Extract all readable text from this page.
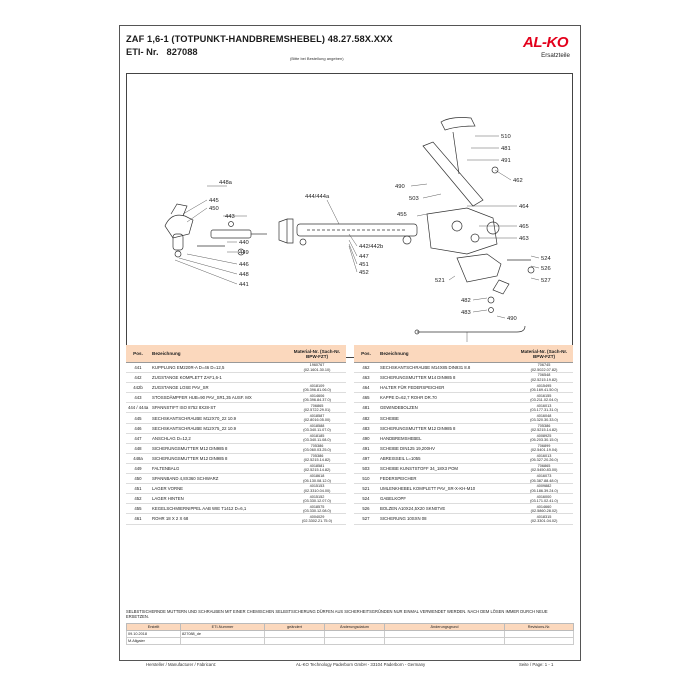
ZAF 1,6-1 (TOTPUNKT-HANDBREMSHEBEL) 48.27.58X.XXX
ETI- Nr. 827088
(Bitte bei Bestellung angeben)
AL-KO
Ersatzteile
510
481
491
462
490
503
448a
445
450
443
444/444a
455
464
465
463
440
449
446
448
441
442/442b
447
451
452
524
526
521	527
482
483
490
Pos.	Bezeichnung	Material-Nr. (Sach-Nr. BPW-FZT)
441	KUPPLUNG EM220R-A D=46 D=12,5	1960767
(02.1601.30.10)

442	ZUGSTANGE KOMPLETT ZAF1,6-1	

442b	ZUGSTANGE LOSE PAV_SR	4018109
(05.396.81.06.0)

443	STOSSDÄMPFER HUB=90 PAV_SR1,35 AUSF. MX	4014606
(05.396.84.37.0)

444 / 444a	SPANNSTIFT ISO 8752 8X28-ST	706865
(02.5722.29.01)

445	SECHSKANTSCHRAUBE M12X70_22 10.9	4018587
(02.8016.05.00)

446	SECHSKANTSCHRAUBE M12X75_22 10.9	4018588
(03.340.11.07.0)

447	ANSCHLAG D=12,2	4018185
(03.340.11.08.0)

448	SICHERUNGSMUTTER M12 DIN985 8	705386
(03.060.03.25.0)

448a	SICHERUNGSMUTTER M12 DIN985 8	705386
(02.5215.14.82)

449	FALTENBALG	4018581
(02.5215.14.82)

450	SPANNBAND 4,8X360 SCHWARZ	4018618
(05.130.08.12.0)

451	LAGER VORNE	4015153
(02.3310.04.00)

452	LAGER HINTEN	4015152
(03.330.12.07.0)

455	KEGELSCHMIERNIPPEL AAB WIE T1412 D=6,1	4018575
(03.330.12.08.0)

461	ROHR 18 X 2 X 68	4004029
(02.3302.21.75.0)
Pos.	Bezeichnung	Material-Nr. (Sach-Nr. BPW-FZT)
462	SECHSKANTSCHRAUBE M14X85 DIN931 8.8	706745
(02.5022.07.82)

463	SICHERUNGSMUTTER M14 DIN985 8	706548
(02.5215.19.82)

464	HALTER FÜR FEDERSPEICHER	4015495
(05.169.41.50.0)

465	KAPPE D=62,7 ROHR DR.70	4016155
(03.211.02.04.0)

481	GEWINDEBOLZEN	4016013
(03.177.31.31.0)

482	SCHEIBE	4016048
(03.320.30.33.0)

483	SICHERUNGSMUTTER M12 DIN985 8	705386
(02.5215.14.82)

490	HANDBREMSHEBEL	4008925
(05.203.30.15.0)

491	SCHEIBE DIN125 19,200HV	706899
(02.5401.19.04)

497	ABREISSEIL L=1055	4016013
(05.327.20.26.0)

503	SCHEIBE KUNSTSTOFF 34_18X3 POM	706865
(02.5450.83.00)

510	FEDERSPEICHER	4016073
(05.387.88.48.0)

521	UMLENKHEBEL KOMPLETT PAV_SR-X-KH-M10	4009882
(05.186.39.24.0)

524	GABELKOPF	4016000
(03.171.02.41.0)

526	BOLZEN A10X24,5X20 SKN07VE	4014660
(02.5860.28.02)

527	SICHERUNG 10SXN 08	4018315
(02.3301.04.02)
SELBSTSICHERNDE MUTTERN UND SCHRAUBEN MIT EINER CHEMISCHEN SELBSTSICHERUNG DÜRFEN AUS SICHERHEITSGRÜNDEN NUR EINMAL VERWENDET WERDEN. NACH DEM LÖSEN IMMER DURCH NEUE ERSETZEN.
Erstellt	ETI-Nummer	geändert	Änderungsdatum	Änderungsgrund	Revisions-Nr.
09.10.2018	827088_de				
M.Allgaier					
Hersteller / Manufacturer / Fabricant:	AL-KO Technology Paderborn GmbH - 33104 Paderborn - Germany	Seite / Page: 1 - 1
